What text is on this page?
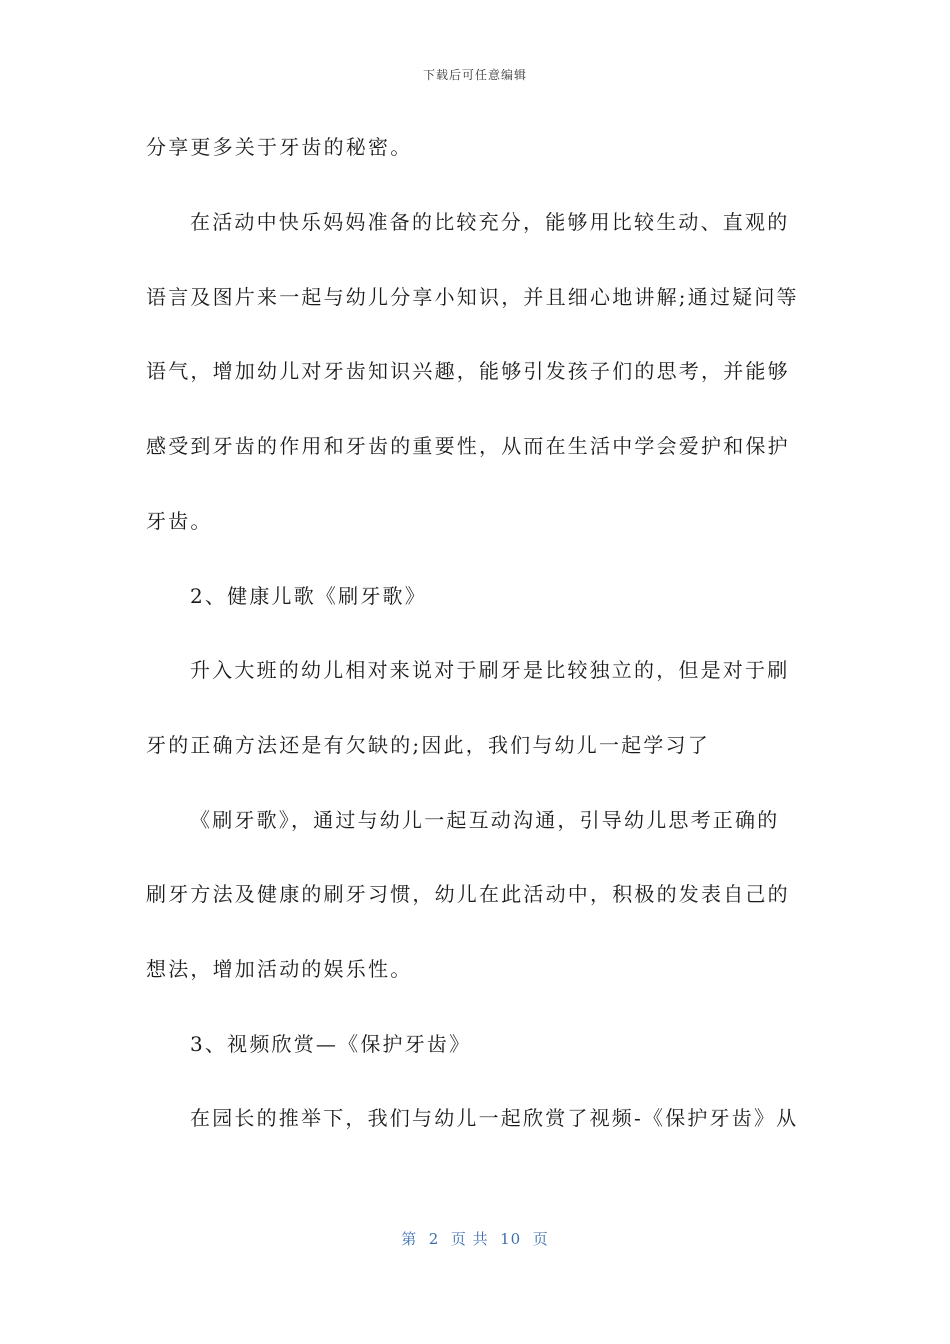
下载后可任意编辑
分享更多关于牙齿的秘密。
在活动中快乐妈妈准备的比较充分，能够用比较生动、直观的
语言及图片来一起与幼儿分享小知识，并且细心地讲解;通过疑问等
语气，增加幼儿对牙齿知识兴趣，能够引发孩子们的思考，并能够
感受到牙齿的作用和牙齿的重要性，从而在生活中学会爱护和保护
牙齿。
2、健康儿歌《刷牙歌》
升入大班的幼儿相对来说对于刷牙是比较独立的，但是对于刷
牙的正确方法还是有欠缺的;因此，我们与幼儿一起学习了
《刷牙歌》，通过与幼儿一起互动沟通，引导幼儿思考正确的
刷牙方法及健康的刷牙习惯，幼儿在此活动中，积极的发表自己的
想法，增加活动的娱乐性。
3、视频欣赏—《保护牙齿》
在园长的推举下，我们与幼儿一起欣赏了视频-《保护牙齿》从
第  2  页 共  10  页
